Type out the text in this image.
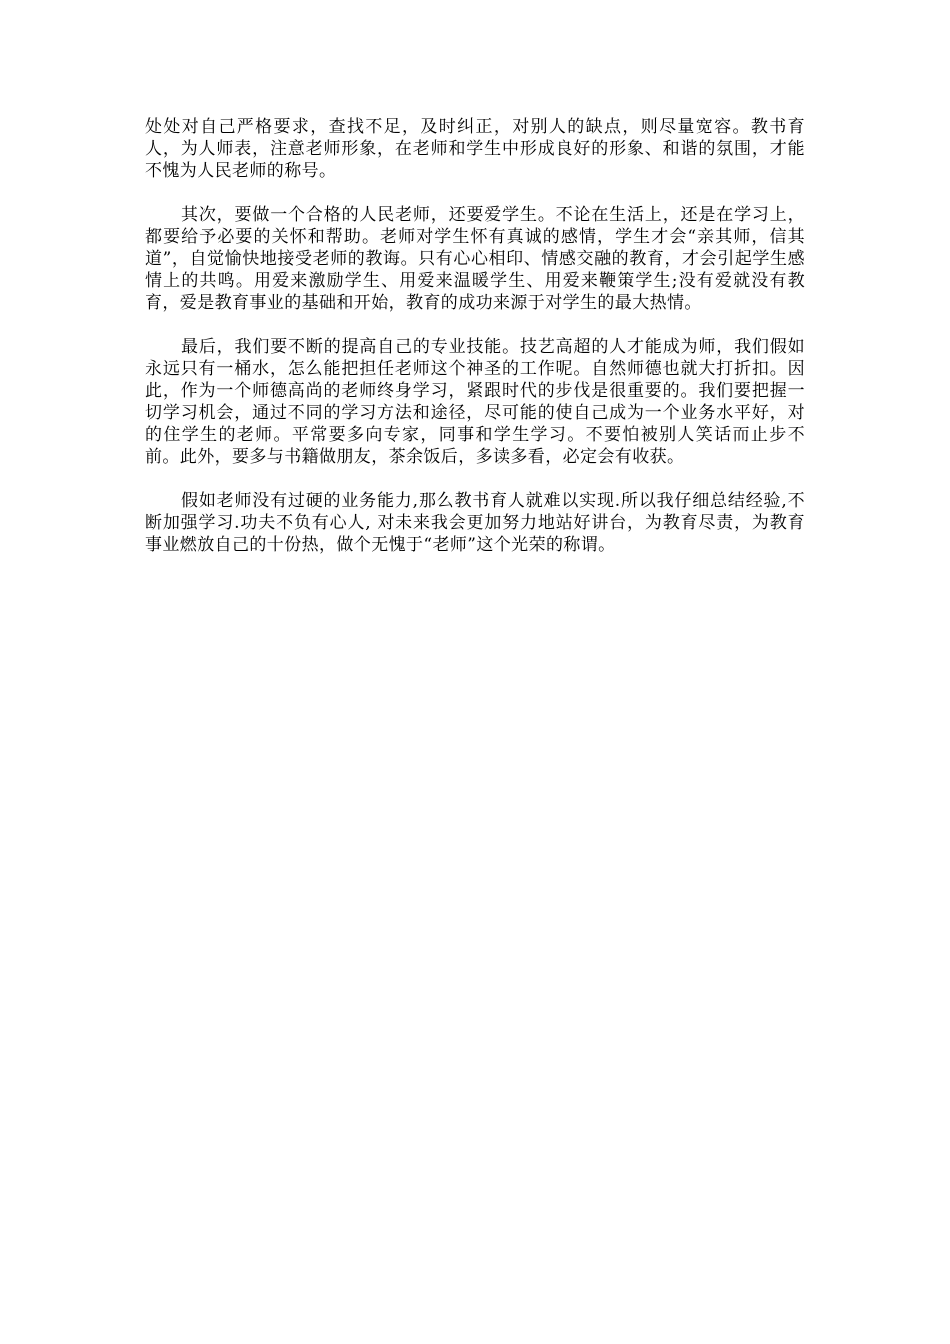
处处对自己严格要求，查找不足，及时纠正，对别人的缺点，则尽量宽容。教书育人，为人师表，注意老师形象，在老师和学生中形成良好的形象、和谐的氛围，才能不愧为人民老师的称号。

其次，要做一个合格的人民老师，还要爱学生。不论在生活上，还是在学习上，都要给予必要的关怀和帮助。老师对学生怀有真诚的感情，学生才会“亲其师，信其道”，自觉愉快地接受老师的教诲。只有心心相印、情感交融的教育，才会引起学生感情上的共鸣。用爱来激励学生、用爱来温暖学生、用爱来鞭策学生;没有爱就没有教育，爱是教育事业的基础和开始，教育的成功来源于对学生的最大热情。

最后，我们要不断的提高自己的专业技能。技艺高超的人才能成为师，我们假如永远只有一桶水，怎么能把担任老师这个神圣的工作呢。自然师德也就大打折扣。因此，作为一个师德高尚的老师终身学习，紧跟时代的步伐是很重要的。我们要把握一切学习机会，通过不同的学习方法和途径，尽可能的使自己成为一个业务水平好，对的住学生的老师。平常要多向专家，同事和学生学习。不要怕被别人笑话而止步不前。此外，要多与书籍做朋友，茶余饭后，多读多看，必定会有收获。

假如老师没有过硬的业务能力,那么教书育人就难以实现.所以我仔细总结经验,不断加强学习.功夫不负有心人, 对未来我会更加努力地站好讲台，为教育尽责，为教育事业燃放自己的十份热，做个无愧于“老师”这个光荣的称谓。
